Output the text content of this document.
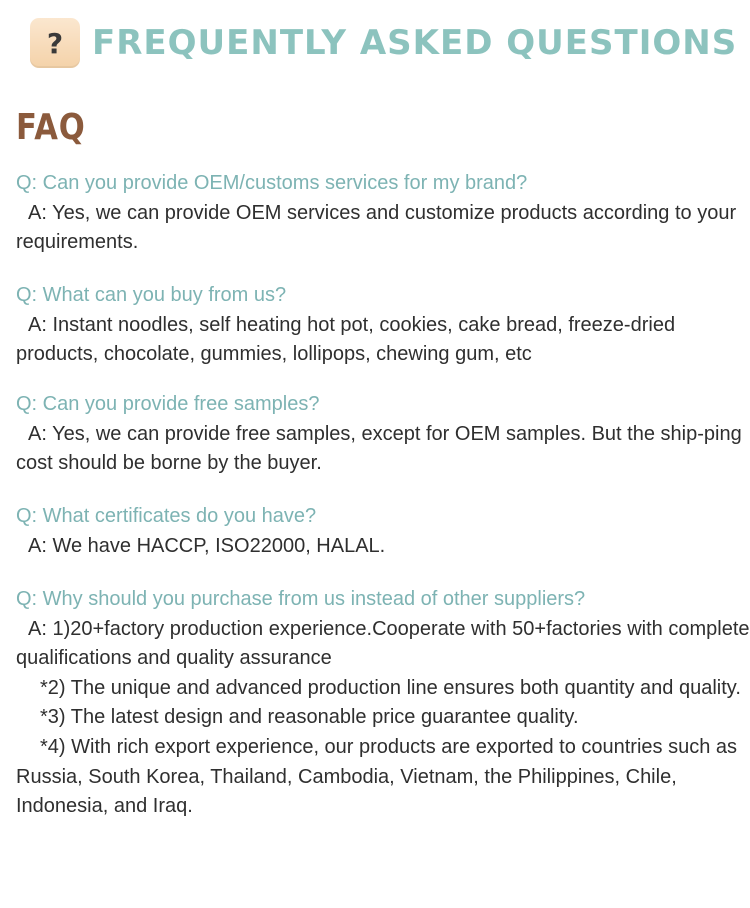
? FREQUENTLY ASKED QUESTIONS
FAQ
Q: Can you provide OEM/customs services for my brand?

A: Yes, we can provide OEM services and customize products according to your requirements.

Q: What can you buy from us?

A: Instant noodles, self heating hot pot, cookies, cake bread, freeze-dried products, chocolate, gummies, lollipops, chewing gum, etc

Q: Can you provide free samples?

A: Yes, we can provide free samples, except for OEM samples. But the ship-ping cost should be borne by the buyer.

Q: What certificates do you have?

A: We have HACCP, ISO22000, HALAL.

Q: Why should you purchase from us instead of other suppliers?

A: 1)20+factory production experience.Cooperate with 50+factories with complete qualifications and quality assurance

*2) The unique and advanced production line ensures both quantity and quality.

*3) The latest design and reasonable price guarantee quality.

*4) With rich export experience, our products are exported to countries such as Russia, South Korea, Thailand, Cambodia, Vietnam, the Philippines, Chile, Indonesia, and Iraq.
